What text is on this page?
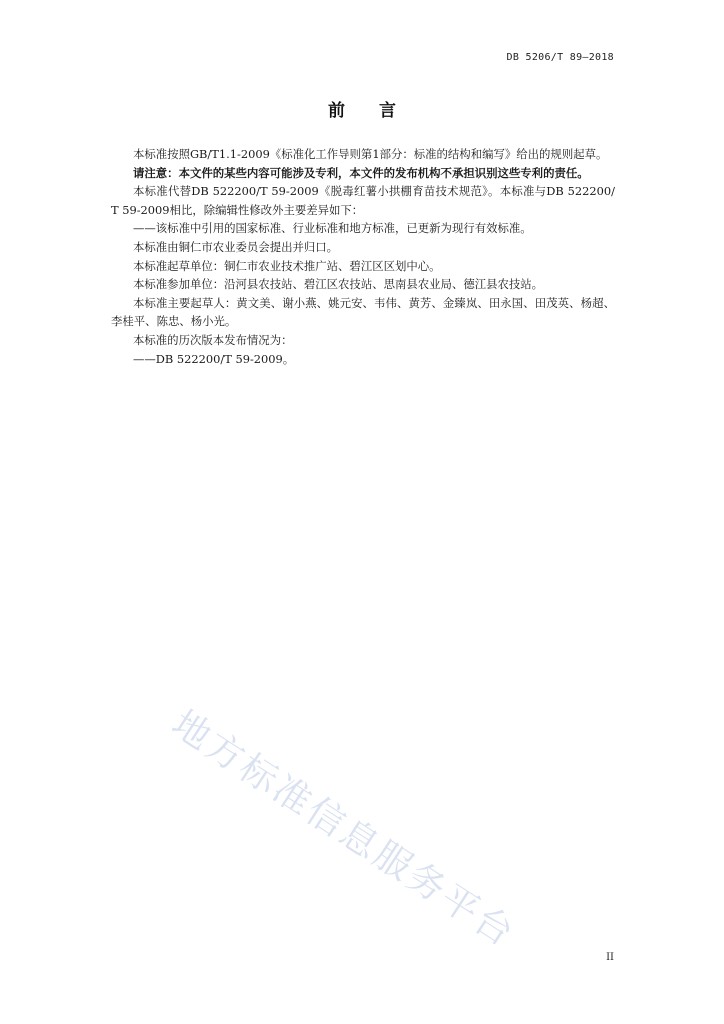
DB 5206/T 89—2018
前 言

本标准按照GB/T1.1-2009《标准化工作导则第1部分：标准的结构和编写》给出的规则起草。

请注意：本文件的某些内容可能涉及专利，本文件的发布机构不承担识别这些专利的责任。

本标准代替DB 522200/T 59-2009《脱毒红薯小拱棚育苗技术规范》。本标准与DB 522200/T 59-2009相比，除编辑性修改外主要差异如下：

——该标准中引用的国家标准、行业标准和地方标准，已更新为现行有效标准。

本标准由铜仁市农业委员会提出并归口。

本标准起草单位：铜仁市农业技术推广站、碧江区区划中心。

本标准参加单位：沿河县农技站、碧江区农技站、思南县农业局、德江县农技站。

本标准主要起草人：黄文美、谢小燕、姚元安、韦伟、黄芳、金臻岚、田永国、田茂英、杨超、李桂平、陈忠、杨小光。

本标准的历次版本发布情况为：

——DB 522200/T 59-2009。

地方标准信息服务平台
II
